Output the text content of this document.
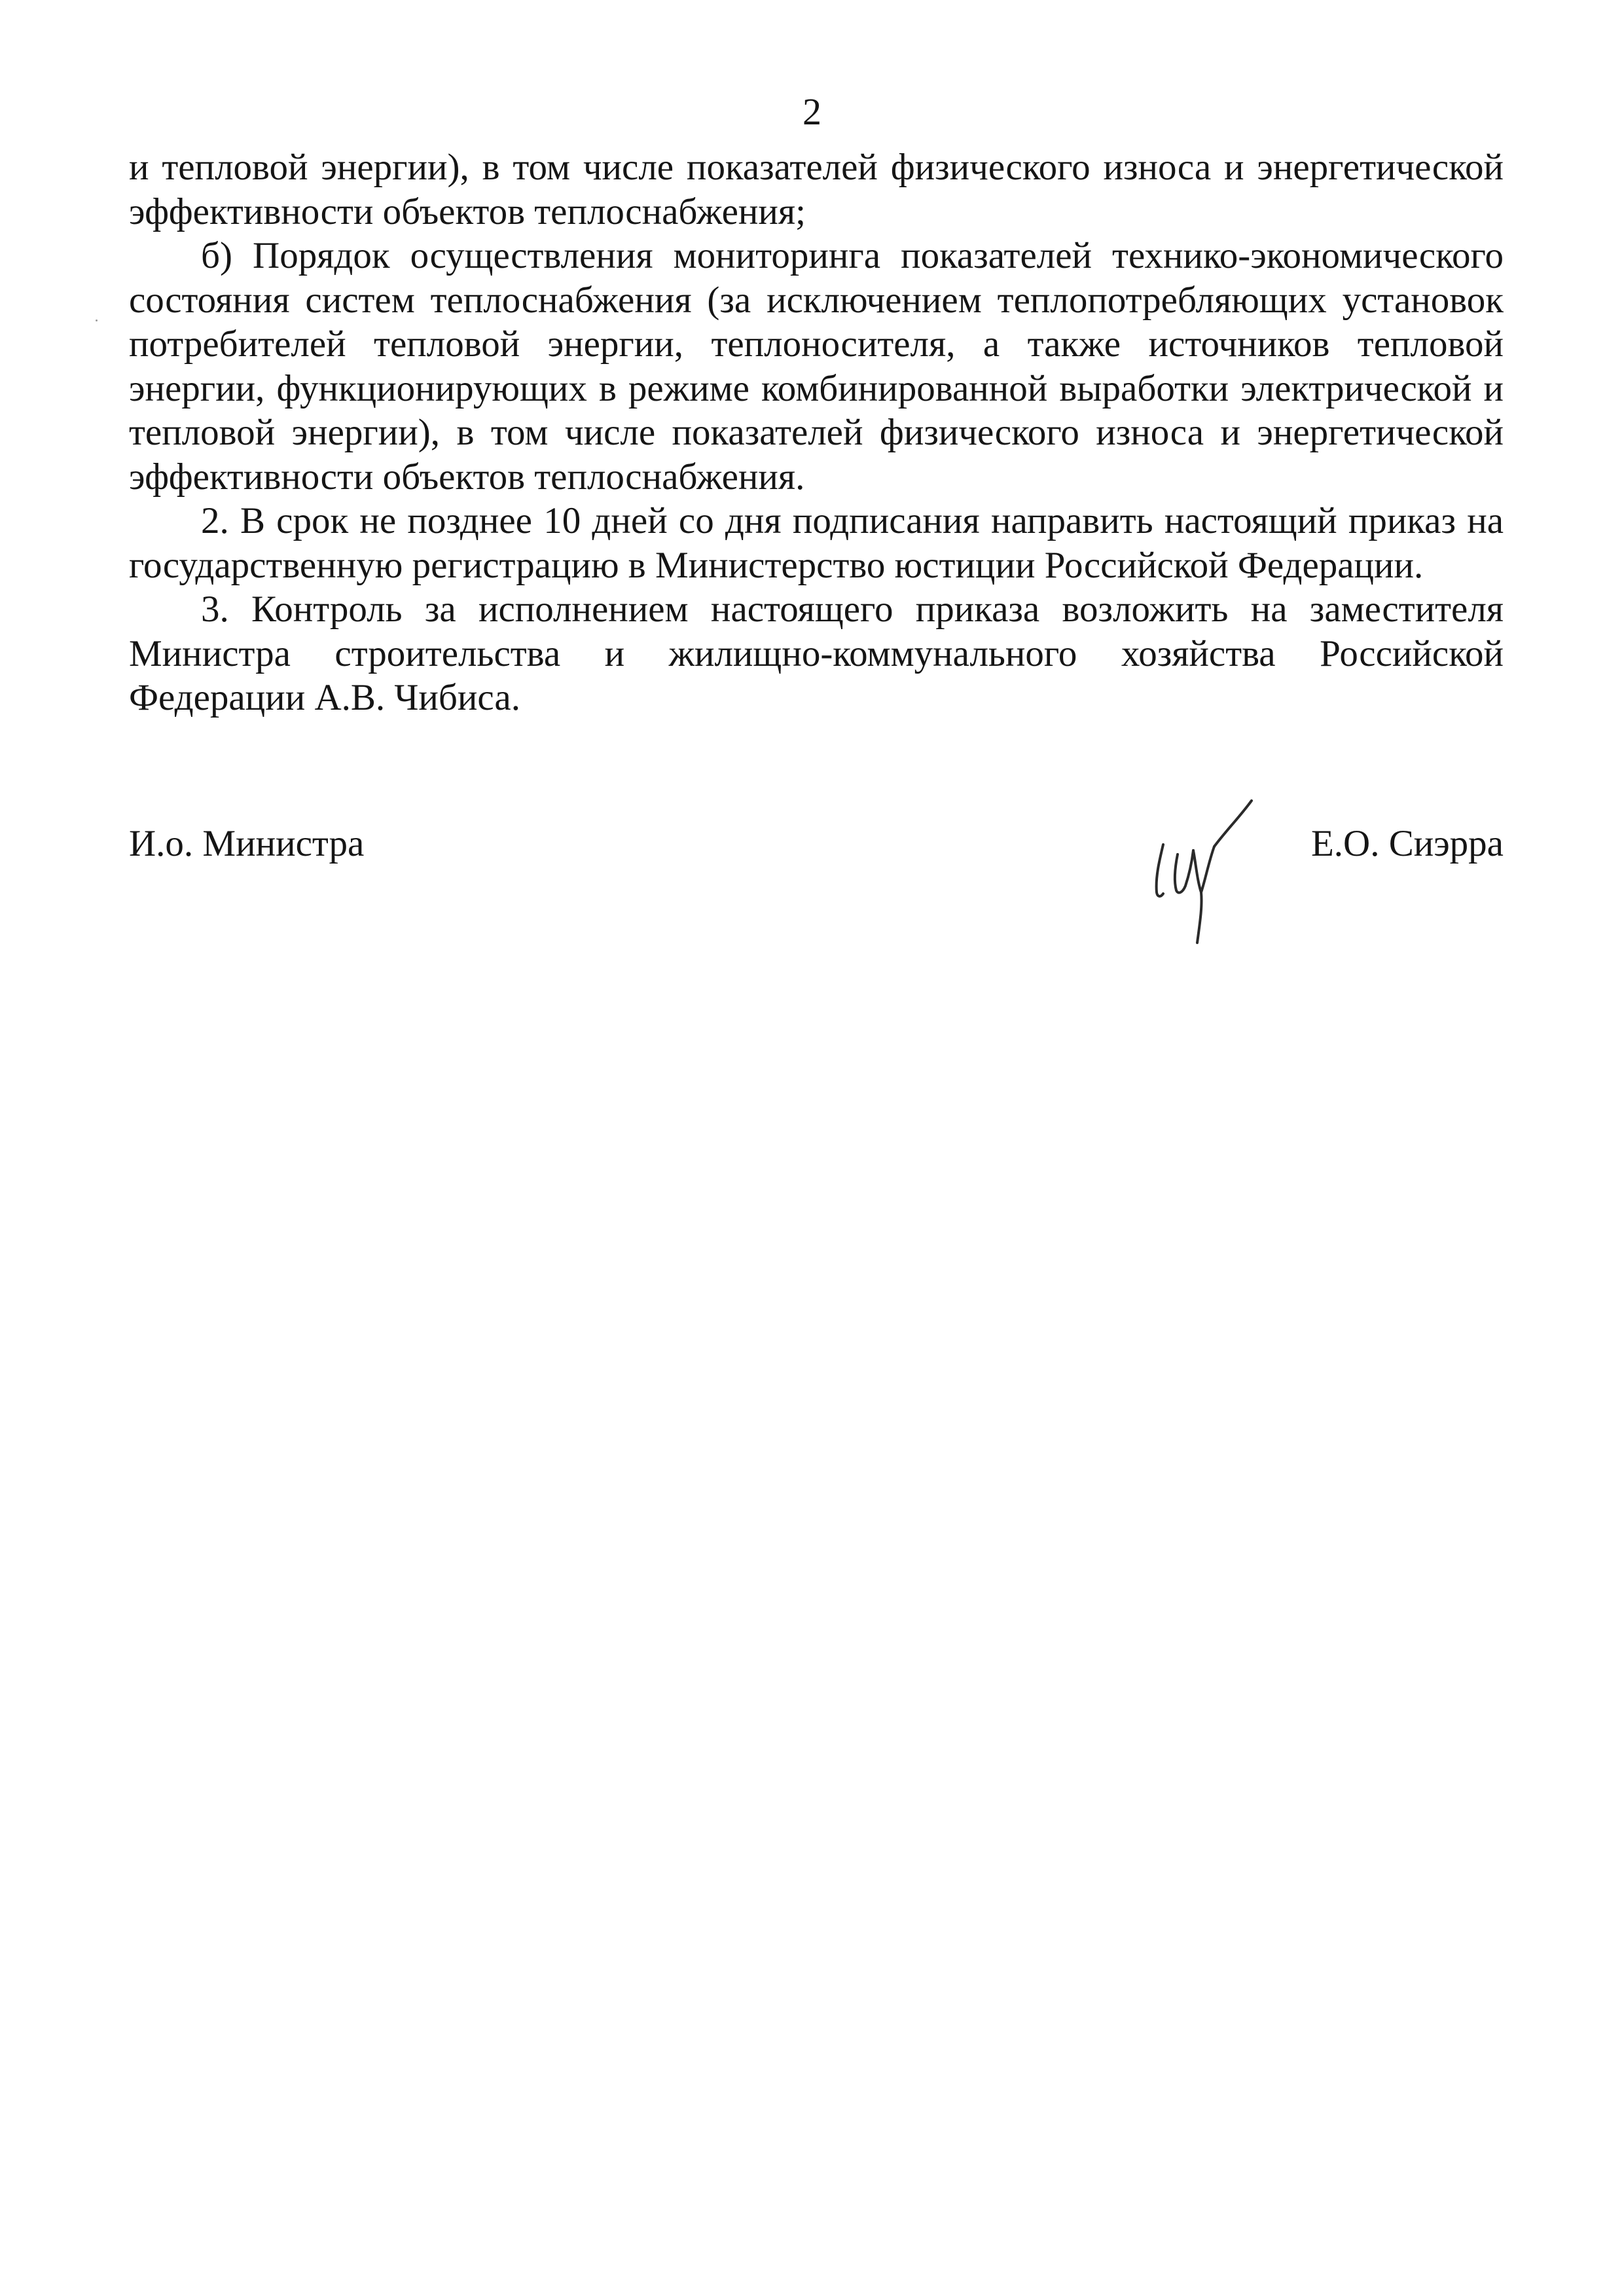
2

и тепловой энергии), в том числе показателей физического износа и энергетической эффективности объектов теплоснабжения;

б) Порядок осуществления мониторинга показателей технико-экономического состояния систем теплоснабжения (за исключением теплопотребляющих установок потребителей тепловой энергии, теплоносителя, а также источников тепловой энергии, функционирующих в режиме комбинированной выработки электрической и тепловой энергии), в том числе показателей физического износа и энергетической эффективности объектов теплоснабжения.

2. В срок не позднее 10 дней со дня подписания направить настоящий приказ на государственную регистрацию в Министерство юстиции Российской Федерации.

3. Контроль за исполнением настоящего приказа возложить на заместителя Министра строительства и жилищно-коммунального хозяйства Российской Федерации А.В. Чибиса.

И.о. Министра	Е.О. Сиэрра
